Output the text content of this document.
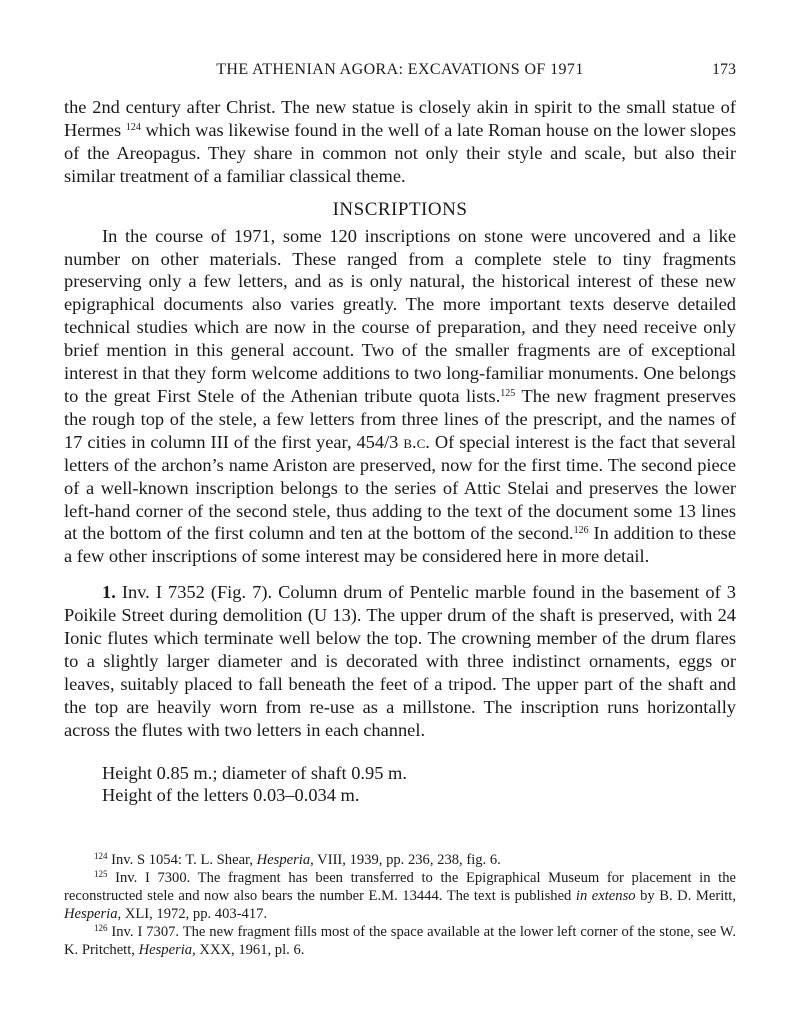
THE ATHENIAN AGORA: EXCAVATIONS OF 1971	173

the 2nd century after Christ. The new statue is closely akin in spirit to the small statue of Hermes $^{124}$ which was likewise found in the well of a late Roman house on the lower slopes of the Areopagus. They share in common not only their style and scale, but also their similar treatment of a familiar classical theme.

INSCRIPTIONS

In the course of 1971, some 120 inscriptions on stone were uncovered and a like number on other materials. These ranged from a complete stele to tiny fragments preserving only a few letters, and as is only natural, the historical interest of these new epigraphical documents also varies greatly. The more important texts deserve detailed technical studies which are now in the course of preparation, and they need receive only brief mention in this general account. Two of the smaller fragments are of exceptional interest in that they form welcome additions to two long-familiar monuments. One belongs to the great First Stele of the Athenian tribute quota lists.$^{125}$ The new fragment preserves the rough top of the stele, a few letters from three lines of the prescript, and the names of 17 cities in column III of the first year, 454/3 b.c. Of special interest is the fact that several letters of the archon’s name Ariston are preserved, now for the first time. The second piece of a well-known inscription belongs to the series of Attic Stelai and preserves the lower left-hand corner of the second stele, thus adding to the text of the document some 13 lines at the bottom of the first column and ten at the bottom of the second.$^{126}$ In addition to these a few other inscriptions of some interest may be considered here in more detail.

1. Inv. I 7352 (Fig. 7). Column drum of Pentelic marble found in the basement of 3 Poikile Street during demolition (U 13). The upper drum of the shaft is preserved, with 24 Ionic flutes which terminate well below the top. The crowning member of the drum flares to a slightly larger diameter and is decorated with three indistinct ornaments, eggs or leaves, suitably placed to fall beneath the feet of a tripod. The upper part of the shaft and the top are heavily worn from re-use as a millstone. The inscription runs horizontally across the flutes with two letters in each channel.

Height 0.85 m.; diameter of shaft 0.95 m.
Height of the letters 0.03–0.034 m.

$^{124}$ Inv. S 1054: T. L. Shear, Hesperia, VIII, 1939, pp. 236, 238, fig. 6.

$^{125}$ Inv. I 7300. The fragment has been transferred to the Epigraphical Museum for placement in the reconstructed stele and now also bears the number E.M. 13444. The text is published in extenso by B. D. Meritt, Hesperia, XLI, 1972, pp. 403-417.

$^{126}$ Inv. I 7307. The new fragment fills most of the space available at the lower left corner of the stone, see W. K. Pritchett, Hesperia, XXX, 1961, pl. 6.
